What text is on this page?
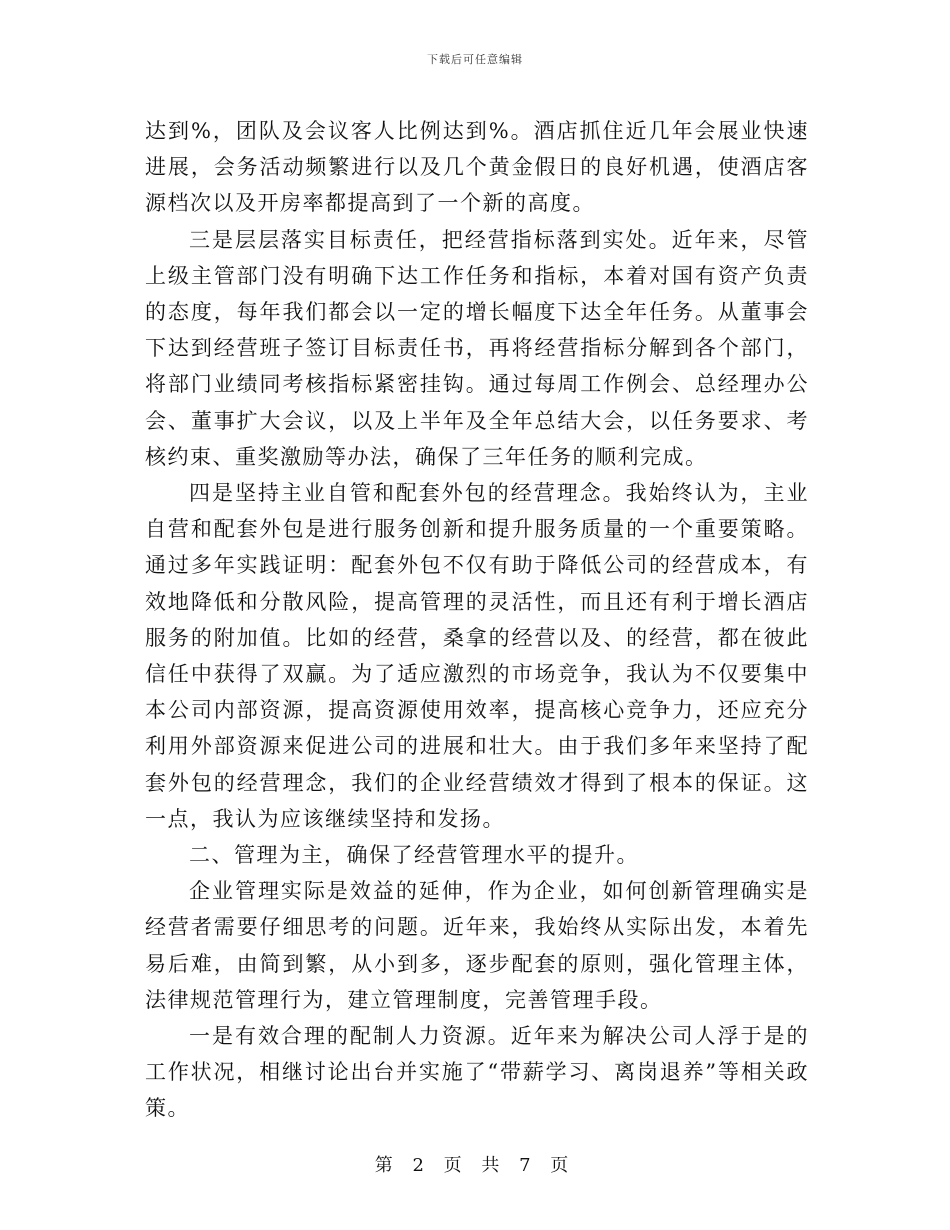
下载后可任意编辑

达到%，团队及会议客人比例达到%。酒店抓住近几年会展业快速进展，会务活动频繁进行以及几个黄金假日的良好机遇，使酒店客源档次以及开房率都提高到了一个新的高度。

三是层层落实目标责任，把经营指标落到实处。近年来，尽管上级主管部门没有明确下达工作任务和指标，本着对国有资产负责的态度，每年我们都会以一定的增长幅度下达全年任务。从董事会下达到经营班子签订目标责任书，再将经营指标分解到各个部门，将部门业绩同考核指标紧密挂钩。通过每周工作例会、总经理办公会、董事扩大会议，以及上半年及全年总结大会，以任务要求、考核约束、重奖激励等办法，确保了三年任务的顺利完成。

四是坚持主业自管和配套外包的经营理念。我始终认为，主业自营和配套外包是进行服务创新和提升服务质量的一个重要策略。通过多年实践证明：配套外包不仅有助于降低公司的经营成本，有效地降低和分散风险，提高管理的灵活性，而且还有利于增长酒店服务的附加值。比如的经营，桑拿的经营以及、的经营，都在彼此信任中获得了双赢。为了适应激烈的市场竞争，我认为不仅要集中本公司内部资源，提高资源使用效率，提高核心竞争力，还应充分利用外部资源来促进公司的进展和壮大。由于我们多年来坚持了配套外包的经营理念，我们的企业经营绩效才得到了根本的保证。这一点，我认为应该继续坚持和发扬。

二、管理为主，确保了经营管理水平的提升。

企业管理实际是效益的延伸，作为企业，如何创新管理确实是经营者需要仔细思考的问题。近年来，我始终从实际出发，本着先易后难，由简到繁，从小到多，逐步配套的原则，强化管理主体，法律规范管理行为，建立管理制度，完善管理手段。

一是有效合理的配制人力资源。近年来为解决公司人浮于是的工作状况，相继讨论出台并实施了“带薪学习、离岗退养”等相关政策。

第 2 页 共 7 页
